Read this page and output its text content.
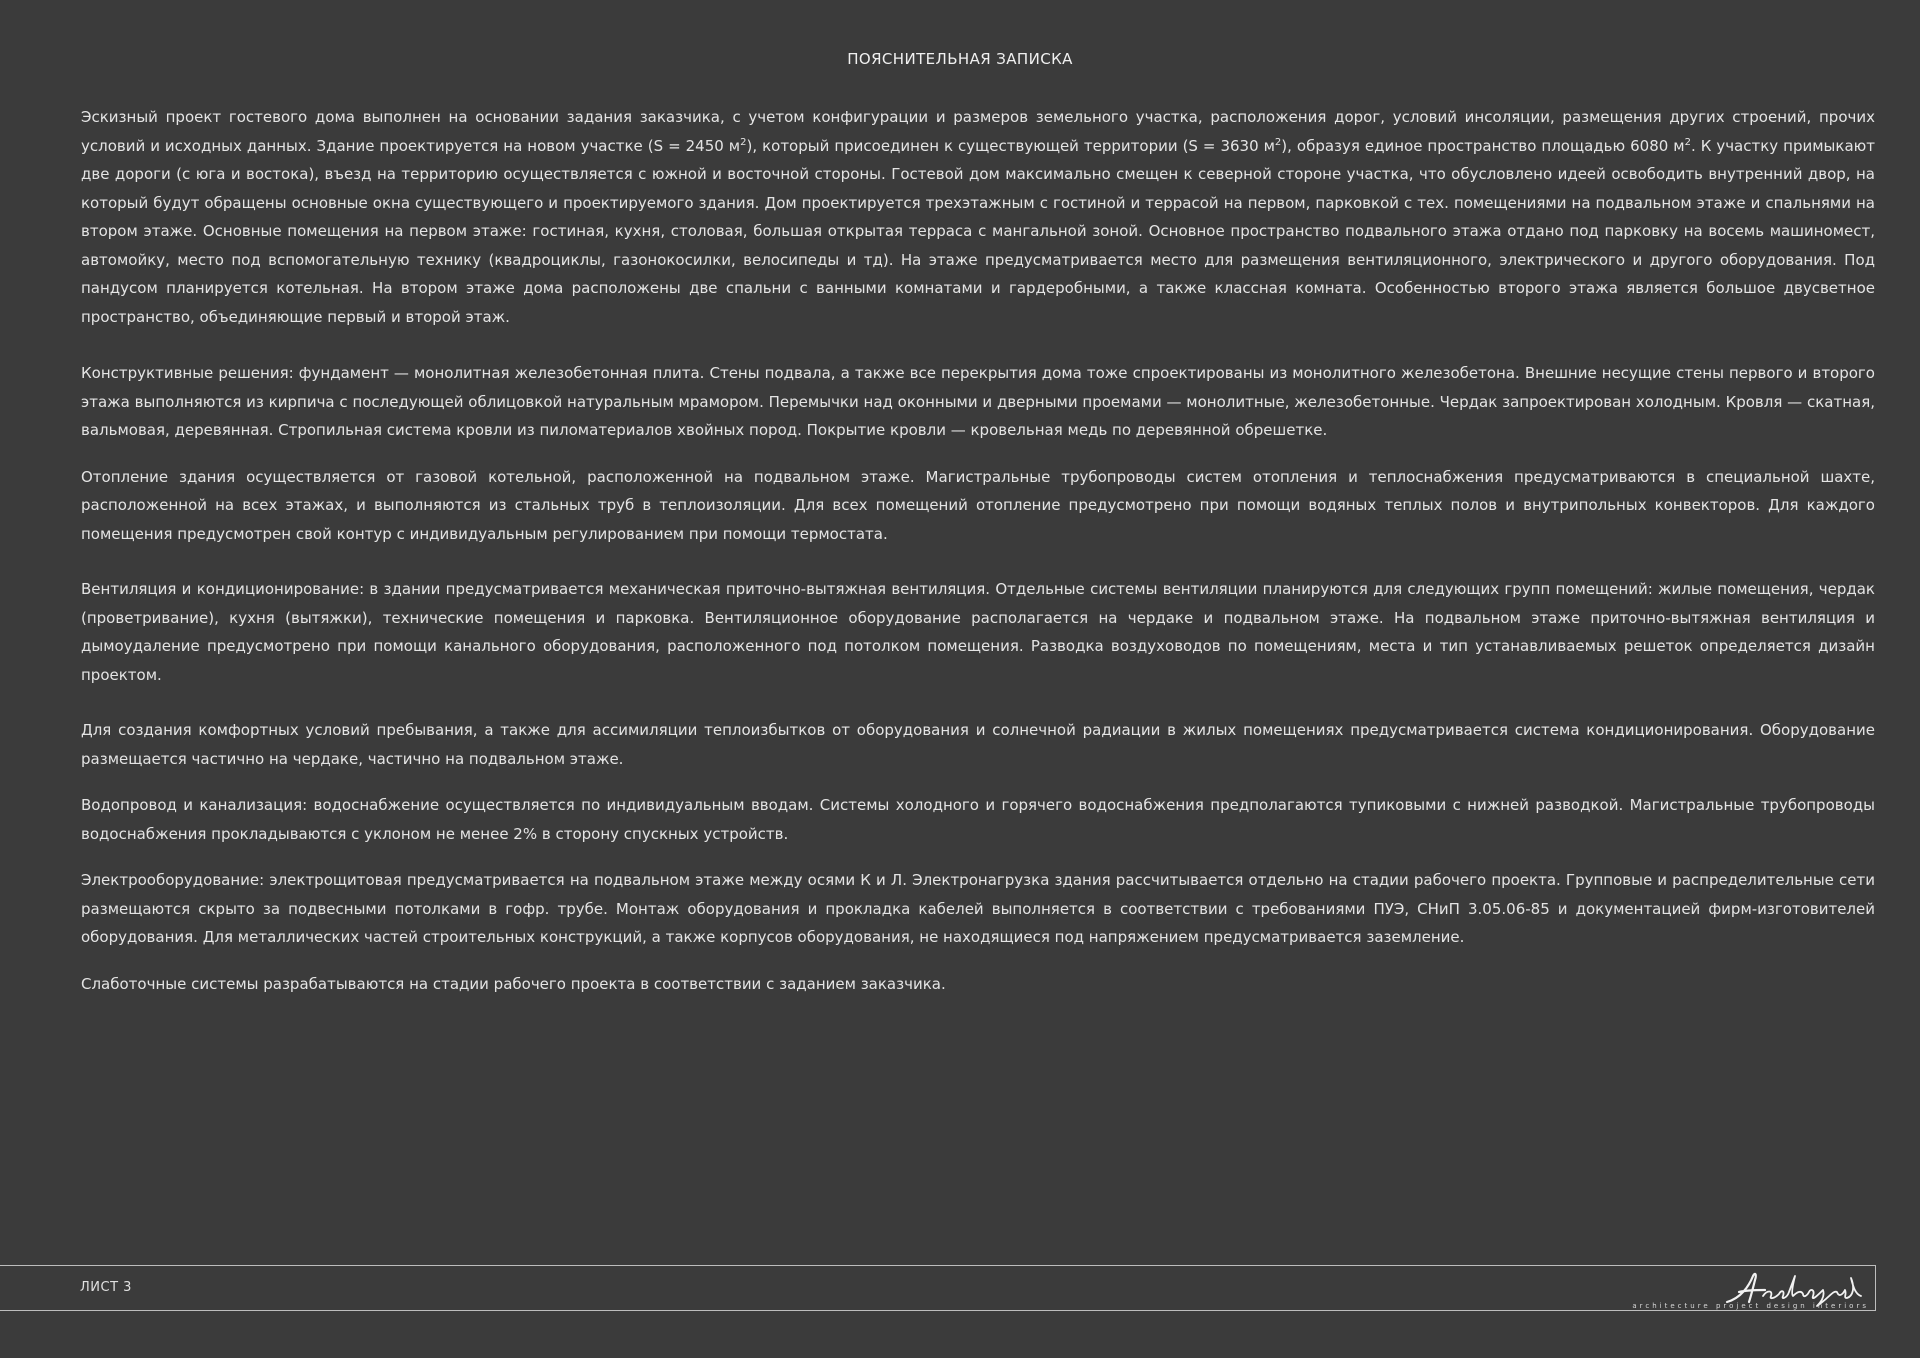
ПОЯСНИТЕЛЬНАЯ ЗАПИСКА

Эскизный проект гостевого дома выполнен на основании задания заказчика, с учетом конфигурации и размеров земельного участка, расположения дорог, условий инсоляции, размещения других строений, прочих условий и исходных данных. Здание проектируется на новом участке (S = 2450 $м^2$), который присоединен к существующей территории (S = 3630 $м^2$), образуя единое пространство площадью 6080 $м^2$. К участку примыкают две дороги (с юга и востока), въезд на территорию осуществляется с южной и восточной стороны. Гостевой дом максимально смещен к северной стороне участка, что обусловлено идеей освободить внутренний двор, на который будут обращены основные окна существующего и проектируемого здания. Дом проектируется трехэтажным с гостиной и террасой на первом, парковкой с тех. помещениями на подвальном этаже и спальнями на втором этаже. Основные помещения на первом этаже: гостиная, кухня, столовая, большая открытая терраса с мангальной зоной. Основное пространство подвального этажа отдано под парковку на восемь машиномест, автомойку, место под вспомогательную технику (квадроциклы, газонокосилки, велосипеды и тд). На этаже предусматривается место для размещения вентиляционного, электрического и другого оборудования. Под пандусом планируется котельная. На втором этаже дома расположены две спальни с ванными комнатами и гардеробными, а также классная комната. Особенностью второго этажа является большое двусветное пространство, объединяющие первый и второй этаж.

Конструктивные решения: фундамент — монолитная железобетонная плита. Стены подвала, а также все перекрытия дома тоже спроектированы из монолитного железобетона. Внешние несущие стены первого и второго этажа выполняются из кирпича с последующей облицовкой натуральным мрамором. Перемычки над оконными и дверными проемами — монолитные, железобетонные. Чердак запроектирован холодным. Кровля — скатная, вальмовая, деревянная. Стропильная система кровли из пиломатериалов хвойных пород. Покрытие кровли — кровельная медь по деревянной обрешетке.

Отопление здания осуществляется от газовой котельной, расположенной на подвальном этаже. Магистральные трубопроводы систем отопления и теплоснабжения предусматриваются в специальной шахте, расположенной на всех этажах, и выполняются из стальных труб в теплоизоляции. Для всех помещений отопление предусмотрено при помощи водяных теплых полов и внутрипольных конвекторов. Для каждого помещения предусмотрен свой контур с индивидуальным регулированием при помощи термостата.

Вентиляция и кондиционирование: в здании предусматривается механическая приточно-вытяжная вентиляция. Отдельные системы вентиляции планируются для следующих групп помещений: жилые помещения, чердак (проветривание), кухня (вытяжки), технические помещения и парковка. Вентиляционное оборудование располагается на чердаке и подвальном этаже. На подвальном этаже приточно-вытяжная вентиляция и дымоудаление предусмотрено при помощи канального оборудования, расположенного под потолком помещения. Разводка воздуховодов по помещениям, места и тип устанавливаемых решеток определяется дизайн проектом.

Для создания комфортных условий пребывания, а также для ассимиляции теплоизбытков от оборудования и солнечной радиации в жилых помещениях предусматривается система кондиционирования. Оборудование размещается частично на чердаке, частично на подвальном этаже.

Водопровод и канализация: водоснабжение осуществляется по индивидуальным вводам. Системы холодного и горячего водоснабжения предполагаются тупиковыми с нижней разводкой. Магистральные трубопроводы водоснабжения прокладываются с уклоном не менее 2% в сторону спускных устройств.

Электрооборудование: электрощитовая предусматривается на подвальном этаже между осями К и Л. Электронагрузка здания рассчитывается отдельно на стадии рабочего проекта. Групповые и распределительные сети размещаются скрыто за подвесными потолками в гофр. трубе. Монтаж оборудования и прокладка кабелей выполняется в соответствии с требованиями ПУЭ, СНиП 3.05.06-85 и документацией фирм-изготовителей оборудования. Для металлических частей строительных конструкций, а также корпусов оборудования, не находящиеся под напряжением предусматривается заземление.

Слаботочные системы разрабатываются на стадии рабочего проекта в соответствии с заданием заказчика.

ЛИСТ 3
architecture project design interiors
